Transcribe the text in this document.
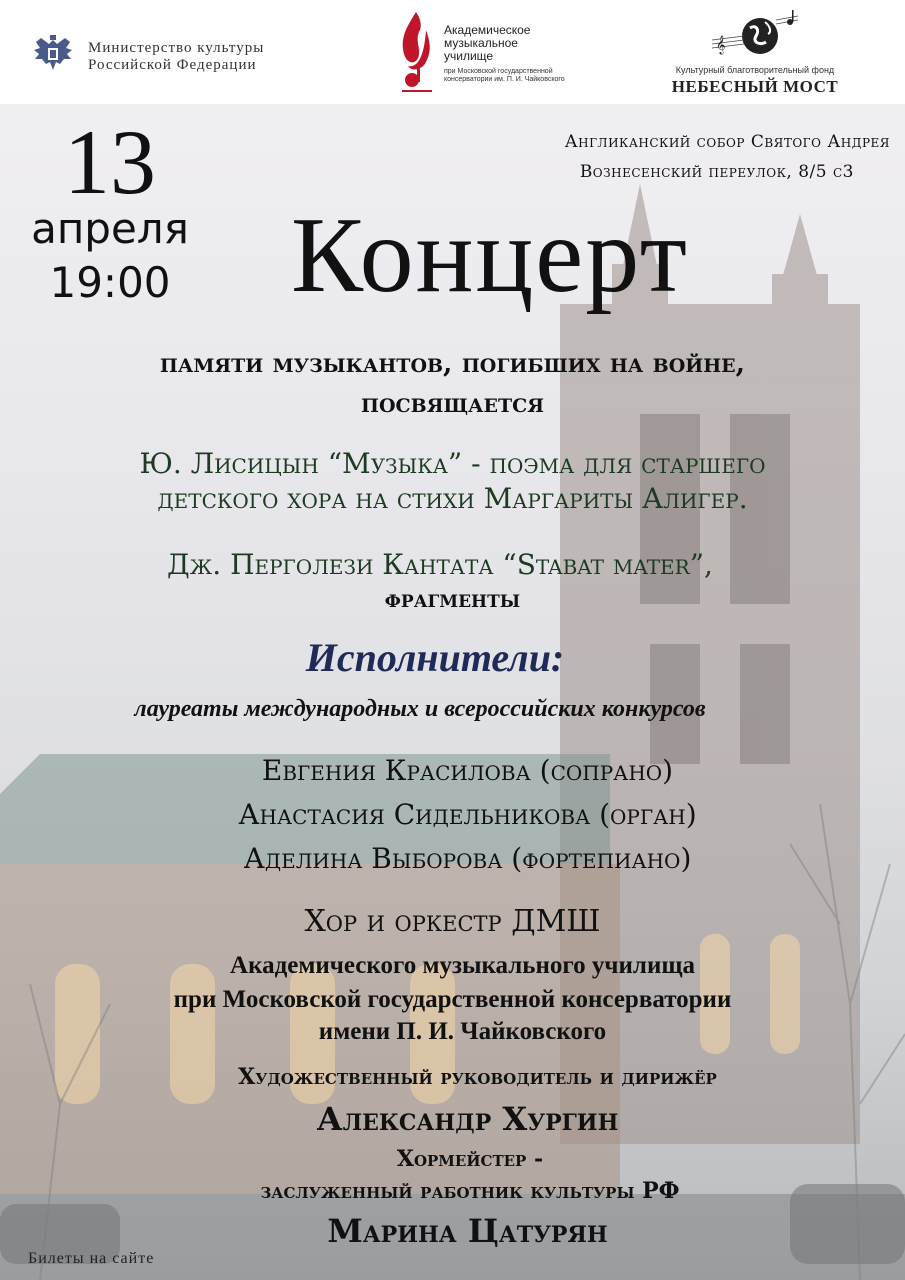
Министерство культуры
Российской Федерации
Академическое
музыкальное
училище
при Московской государственной
консерватории им. П. И. Чайковского
𝄞
Культурный благотворительный фонд
НЕБЕСНЫЙ МОСТ
13
апреля
19:00
Англиканский собор Святого Андрея
Вознесенский переулок, 8/5 с3
Концерт
памяти музыкантов, погибших на войне,
посвящается
Ю. Лисицын “Музыка” - поэма для старшего
детского хора на стихи Маргариты Алигер.
Дж. Перголези Кантата “Stabat mater”,
фрагменты
Исполнители:
лауреаты международных и всероссийских конкурсов
Евгения Красилова (сопрано)
Анастасия Сидельникова (орган)
Аделина Выборова (фортепиано)
Хор и оркестр ДМШ
Академического музыкального училища
при Московской государственной консерватории
имени П. И. Чайковского
Художественный руководитель и дирижёр
Александр Хургин
Хормейстер -
заслуженный работник культуры РФ
Марина Цатурян
Билеты на сайте
